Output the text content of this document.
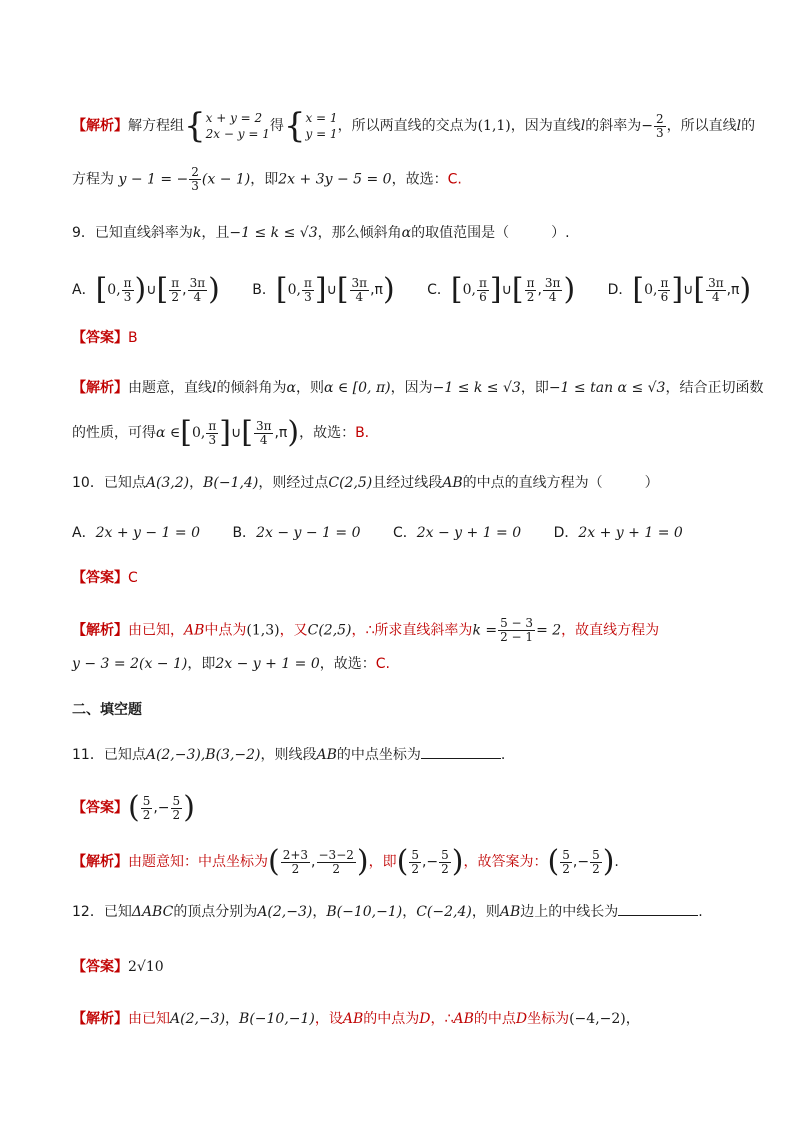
【解析】解方程组{ x + y = 2
2x − y = 1 得{ x = 1
y = 1 ，所以两直线的交点为(1,1)，因为直线l的斜率为− $\frac{2}{3}$ ，所以直线l的
方程为 y − 1 = − $\frac{2}{3} (x - 1)$，即2x + 3y − 5 = 0，故选：C.
9．已知直线斜率为k，且−1 ≤ k ≤ √3，那么倾斜角α的取值范围是（　　　）.
A．[0, $\frac{\pi}{3}$ )∪[ $\frac{\pi}{2}$ , $\frac{3\pi}{4}$ ) B．[0, $\frac{\pi}{3}$ ]∪[ $\frac{3\pi}{4} ,\pi$) C．[0, $\frac{\pi}{6}$ ]∪[ $\frac{\pi}{2}$ , $\frac{3\pi}{4}$ ) D．[0, $\frac{\pi}{6}$ ]∪[ $\frac{3\pi}{4} ,\pi$)
【答案】B
【解析】由题意，直线l的倾斜角为α，则α ∈ [0, π)，因为−1 ≤ k ≤ √3，即−1 ≤ tan α ≤ √3，结合正切函数
的性质，可得α ∈[0, $\frac{\pi}{3}$ ]∪[ $\frac{3\pi}{4} ,\pi$)，故选：B.
10．已知点A(3,2)，B(−1,4)，则经过点C(2,5)且经过线段AB的中点的直线方程为（　　　）
A．2x + y − 1 = 0 B．2x − y − 1 = 0 C．2x − y + 1 = 0 D．2x + y + 1 = 0
【答案】C
【解析】由已知，AB中点为(1,3)，又C(2,5)，∴所求直线斜率为$k = \frac{5 - 3}{2 - 1} = 2$，故直线方程为
y − 3 = 2(x − 1)，即2x − y + 1 = 0，故选：C.
二、填空题
11．已知点A(2,−3),B(3,−2)，则线段AB的中点坐标为	.
【答案】( $\frac{5}{2}$ ,− $\frac{5}{2}$ )
【解析】由题意知：中点坐标为( $\frac{2+3}{2}$ , $\frac{-3-2}{2}$ )，即( $\frac{5}{2}$ ,− $\frac{5}{2}$ )，故答案为：( $\frac{5}{2}$ ,− $\frac{5}{2}$ ).
12．已知ΔABC的顶点分别为A(2,−3)，B(−10,−1)，C(−2,4)，则AB边上的中线长为	.
【答案】2√10
【解析】由已知A(2,−3)，B(−10,−1)，设AB的中点为D，∴AB的中点D坐标为(−4,−2)，
